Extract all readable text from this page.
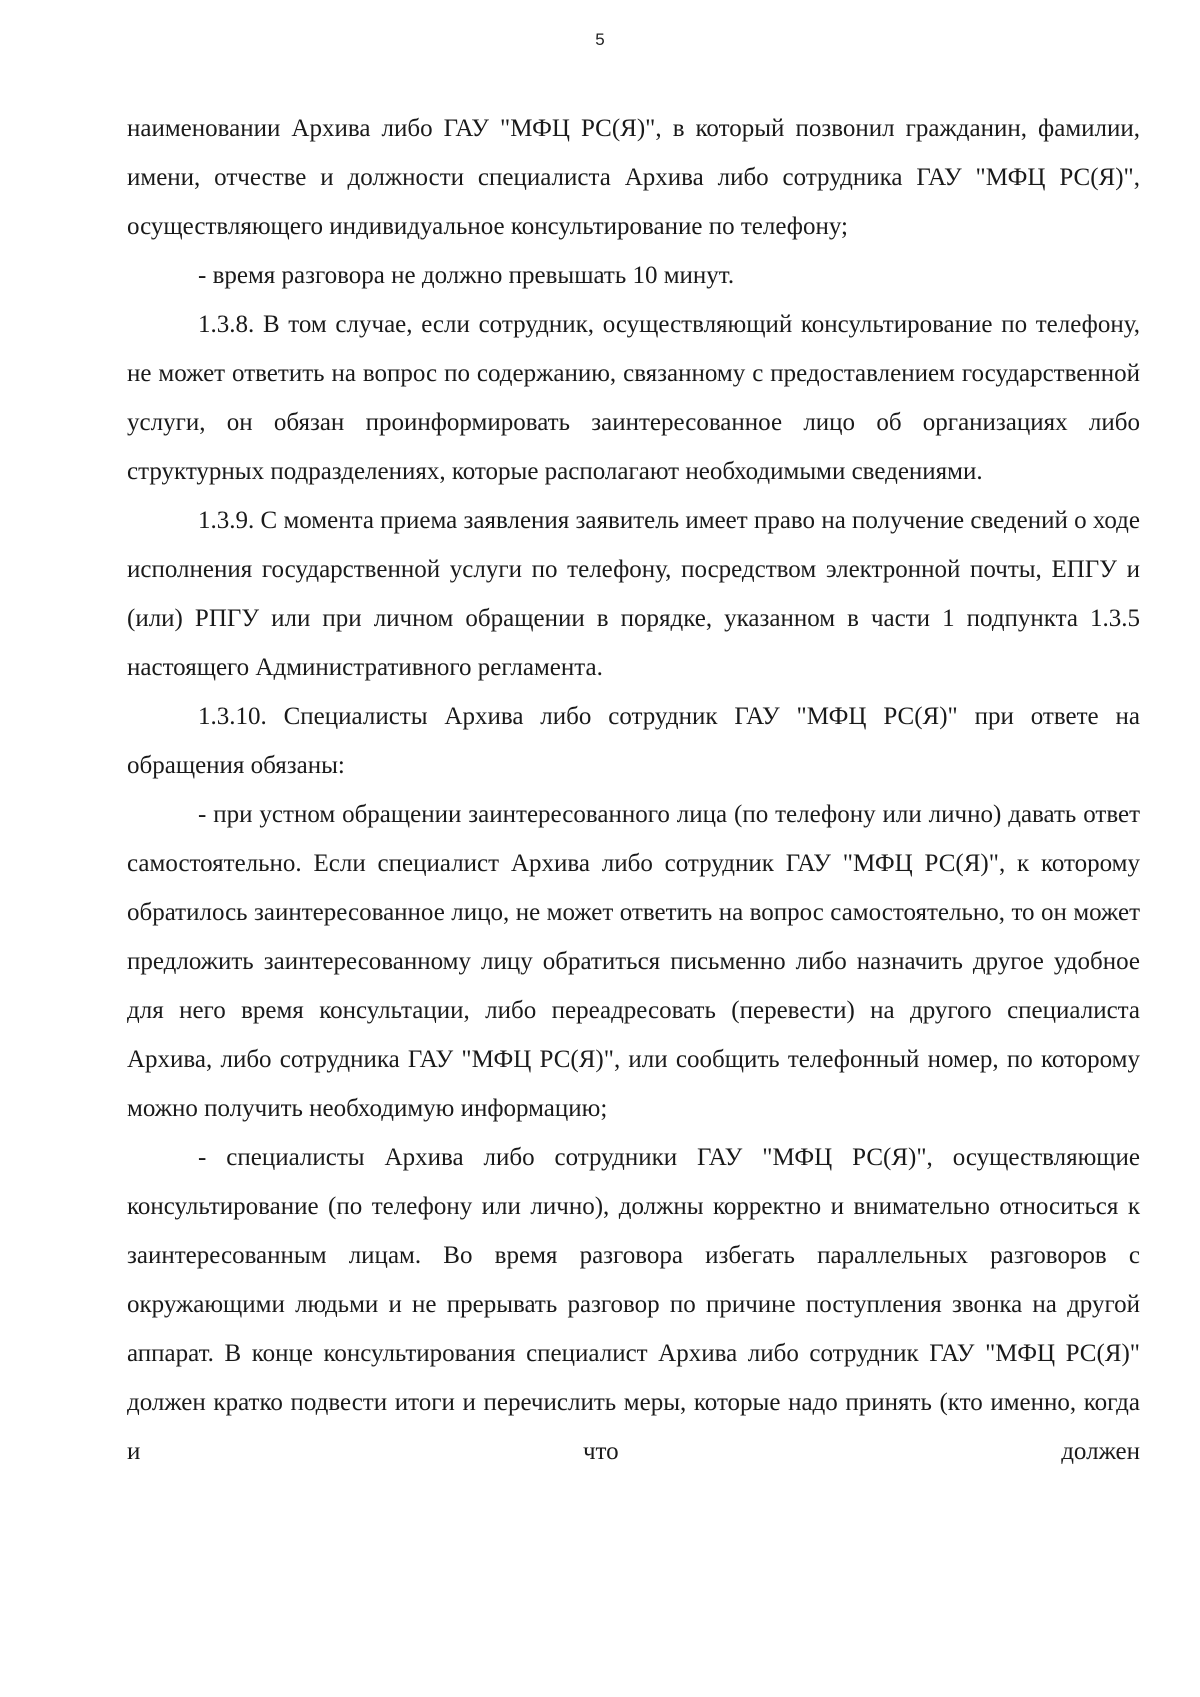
5

наименовании Архива либо ГАУ "МФЦ РС(Я)", в который позвонил гражданин, фамилии, имени, отчестве и должности специалиста Архива либо сотрудника ГАУ "МФЦ РС(Я)", осуществляющего индивидуальное консультирование по телефону;

- время разговора не должно превышать 10 минут.

1.3.8. В том случае, если сотрудник, осуществляющий консультирование по телефону, не может ответить на вопрос по содержанию, связанному с предоставлением государственной услуги, он обязан проинформировать заинтересованное лицо об организациях либо структурных подразделениях, которые располагают необходимыми сведениями.

1.3.9. С момента приема заявления заявитель имеет право на получение сведений о ходе исполнения государственной услуги по телефону, посредством электронной почты, ЕПГУ и (или) РПГУ или при личном обращении в порядке, указанном в части 1 подпункта 1.3.5 настоящего Административного регламента.

1.3.10. Специалисты Архива либо сотрудник ГАУ "МФЦ РС(Я)" при ответе на обращения обязаны:

- при устном обращении заинтересованного лица (по телефону или лично) давать ответ самостоятельно. Если специалист Архива либо сотрудник ГАУ "МФЦ РС(Я)", к которому обратилось заинтересованное лицо, не может ответить на вопрос самостоятельно, то он может предложить заинтересованному лицу обратиться письменно либо назначить другое удобное для него время консультации, либо переадресовать (перевести) на другого специалиста Архива, либо сотрудника ГАУ "МФЦ РС(Я)", или сообщить телефонный номер, по которому можно получить необходимую информацию;

- специалисты Архива либо сотрудники ГАУ "МФЦ РС(Я)", осуществляющие консультирование (по телефону или лично), должны корректно и внимательно относиться к заинтересованным лицам. Во время разговора избегать параллельных разговоров с окружающими людьми и не прерывать разговор по причине поступления звонка на другой аппарат. В конце консультирования специалист Архива либо сотрудник ГАУ "МФЦ РС(Я)" должен кратко подвести итоги и перечислить меры, которые надо принять (кто именно, когда и что должен
